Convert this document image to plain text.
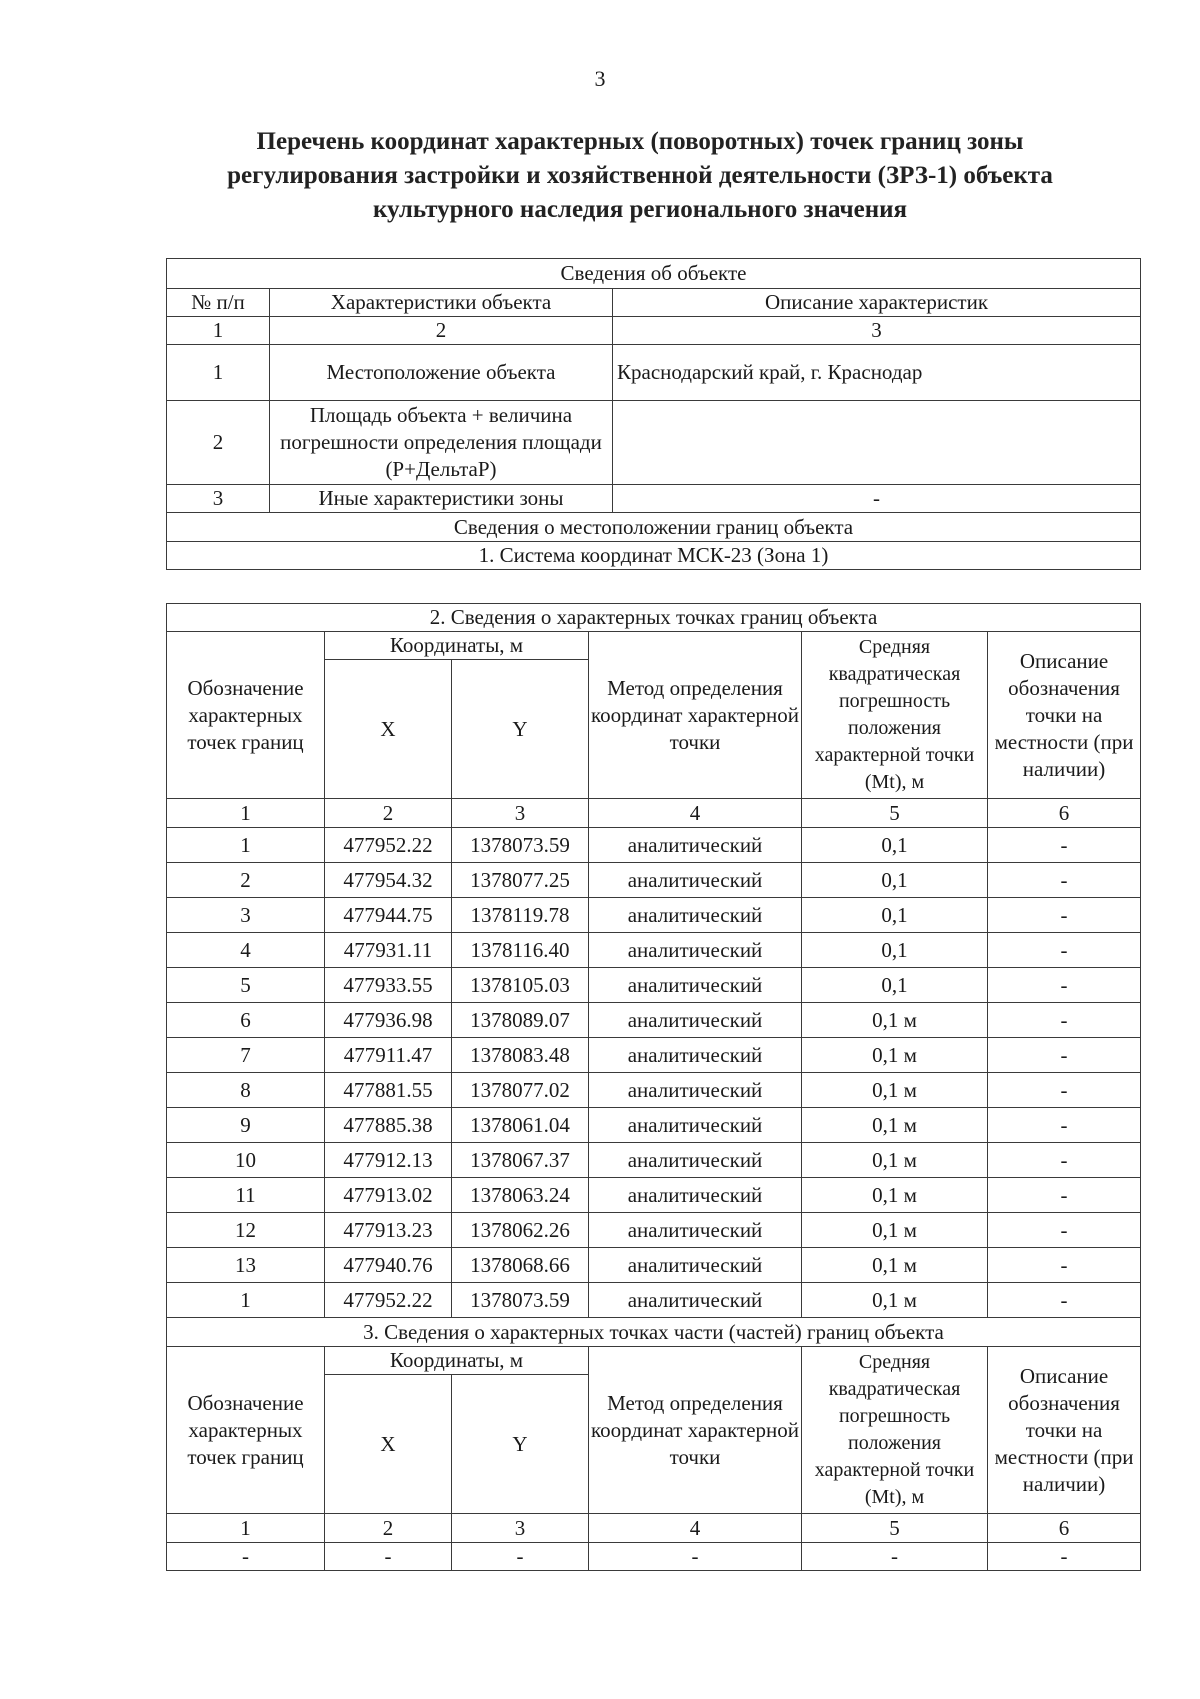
3
Перечень координат характерных (поворотных) точек границ зоны
регулирования застройки и хозяйственной деятельности (ЗРЗ-1) объекта
культурного наследия регионального значения
Сведения об объекте		
№ п/п	Характеристики объекта	Описание характеристик
1	2	3
1	Местоположение объекта	Краснодарский край, г. Краснодар
2	Площадь объекта + величина погрешности определения площади (Р+ДельтаР)	
3	Иные характеристики зоны	-
Сведения о местоположении границ объекта		
1. Система координат МСК-23 (Зона 1)		
2. Сведения о характерных точках границ объекта					
Обозначение характерных точек границ	Координаты, м		Метод определения координат характерной точки	Средняя квадратическая погрешность положения характерной точки (Mt), м	Описание обозначения точки на местности (при наличии)
	X	Y			
1	2	3	4	5	6
1	477952.22	1378073.59	аналитический	0,1	-
2	477954.32	1378077.25	аналитический	0,1	-
3	477944.75	1378119.78	аналитический	0,1	-
4	477931.11	1378116.40	аналитический	0,1	-
5	477933.55	1378105.03	аналитический	0,1	-
6	477936.98	1378089.07	аналитический	0,1 м	-
7	477911.47	1378083.48	аналитический	0,1 м	-
8	477881.55	1378077.02	аналитический	0,1 м	-
9	477885.38	1378061.04	аналитический	0,1 м	-
10	477912.13	1378067.37	аналитический	0,1 м	-
11	477913.02	1378063.24	аналитический	0,1 м	-
12	477913.23	1378062.26	аналитический	0,1 м	-
13	477940.76	1378068.66	аналитический	0,1 м	-
1	477952.22	1378073.59	аналитический	0,1 м	-
3. Сведения о характерных точках части (частей) границ объекта					
Обозначение характерных точек границ	Координаты, м		Метод определения координат характерной точки	Средняя квадратическая погрешность положения характерной точки (Mt), м	Описание обозначения точки на местности (при наличии)
	X	Y			
1	2	3	4	5	6
-	-	-	-	-	-
